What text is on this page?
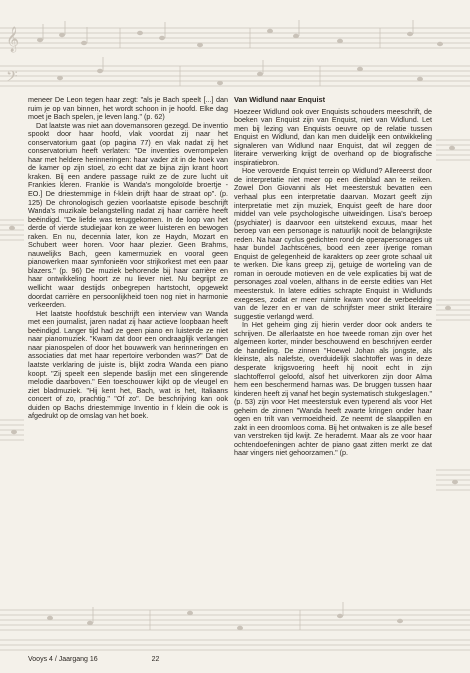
𝄞
𝄢

meneer De Leon tegen haar zegt: "als je Bach speelt [...] dan ruim je op van binnen, het wordt schoon in je hoofd. Elke dag moet je Bach spelen, je leven lang." (p. 62)

Dat laatste was niet aan dovemansoren gezegd. De inventio spookt door haar hoofd, vlak voordat zij naar het conservatorium gaat (op pagina 77) en vlak nadat zij het conservatorium heeft verlaten: "De inventies overrompelen haar met heldere herinneringen: haar vader zit in de hoek van de kamer op zijn stoel, zo echt dat ze bijna zijn krant hoort kraken. Bij een andere passage ruikt ze de zure lucht uit Frankies kleren. Frankie is Wanda's mongoloïde broertje - EO.] De driestemmige in f-klein drijft haar de straat op". (p. 125) De chronologisch gezien voorlaatste episode beschrijft Wanda's muzikale belangstelling nadat zij haar carrière heeft beëindigd. "De liefde was teruggekomen. In de loop van het derde of vierde studiejaar kon ze weer luisteren en bewogen raken. En nu, decennia later, kon ze Haydn, Mozart en Schubert weer horen. Voor haar plezier. Geen Brahms, nauwelijks Bach, geen kamermuziek en vooral geen pianowerken maar symfonieën voor strijkorkest met een paar blazers." (p. 96) De muziek behorende bij haar carrière en haar ontwikkeling hoort ze nu liever niet. Nu begrijpt ze wellicht waar destijds onbegrepen hartstocht, opgewekt doordat carrière en persoonlijkheid toen nog niet in harmonie verkeerden.

Het laatste hoofdstuk beschrijft een interview van Wanda met een journalist, jaren nadat zij haar actieve loopbaan heeft beëindigd. Langer tijd had ze geen piano en luisterde ze niet naar pianomuziek. "Kwam dat door een ondraaglijk verlangen naar pianospelen of door het bouwwerk van herinneringen en associaties dat met haar repertoire verbonden was?" Dat de laatste verklaring de juiste is, blijkt zodra Wanda een piano koopt. "Zij speelt een slepende baslijn met een slingerende melodie daarboven." Een toeschouwer kijkt op de vleugel en ziet bladmuziek. "Hij kent het, Bach, wat is het, Italiaans concert of zo, prachtig." "Of zo". De beschrijving kan ook duiden op Bachs driestemmige Inventio in f klein die ook is afgedrukt op de omslag van het boek.

Van Widlund naar Enquist

Hoezeer Widlund ook over Enquists schouders meeschrift, de boeken van Enquist zijn van Enquist, niet van Widlund. Let men bij lezing van Enquists oeuvre op de relatie tussen Enquist en Widlund, dan kan men duidelijk een ontwikkeling signaleren van Widlund naar Enquist, dat wil zeggen de literaire verwerking krijgt de overhand op de biografische inspiratiebron.

Hoe veroverde Enquist terrein op Widlund? Allereerst door de interpretatie niet meer op een dienblad aan te reiken. Zowel Don Giovanni als Het meesterstuk bevatten een verhaal plus een interpretatie daarvan. Mozart geeft zijn interpretatie met zijn muziek, Enquist geeft de hare door middel van vele psychologische uitweidingen. Lisa's beroep (psychiater) is daarvoor een uitstekend excuus, maar het beroep van een personage is natuurlijk nooit de belangrijkste reden. Na haar cyclus gedichten rond de operapersonages uit haar bundel Jachtscènes, bood een zeer ijverige roman Enquist de gelegenheid de karakters op zeer grote schaal uit te werken. Die kans greep zij, getuige de worteling van de roman in oeroude motieven en de vele explicaties bij wat de personages zoal voelen, althans in de eerste edities van Het meesterstuk. In latere edities schrapte Enquist in Widlunds exegeses, zodat er meer ruimte kwam voor de verbeelding van de lezer en er van de schrijfster meer strikt literaire suggestie verlangd werd.

In Het geheim ging zij hierin verder door ook anders te schrijven. De allerlaatste en hoe tweede roman zijn over het algemeen korter, minder beschouwend en beschrijven eerder de handeling. De zinnen "Hoewel Johan als jongste, als kleinste, als nalefste, overduidelijk slachtoffer was in deze desperate krijgsvoering heeft hij nooit echt in zijn slachtofferrol geloofd, alsof het uitverkoren zijn door Alma hem een beschermend harnas was. De bruggen tussen haar kinderen heeft zij vanaf het begin systematisch stukgeslagen." (p. 53) zijn voor Het meesterstuk even typerend als voor Het geheim de zinnen "Wanda heeft zwarte kringen onder haar ogen en trilt van vermoeidheid. Ze neemt de slaappillen en zakt in een droomloos coma. Bij het ontwaken is ze alle besef van verstreken tijd kwijt. Ze heradernt. Maar als ze voor haar ochtendoefeningen achter de piano gaat zitten merkt ze dat haar vingers niet gehoorzamen." (p.

Vooys 4 / Jaargang 16	22
